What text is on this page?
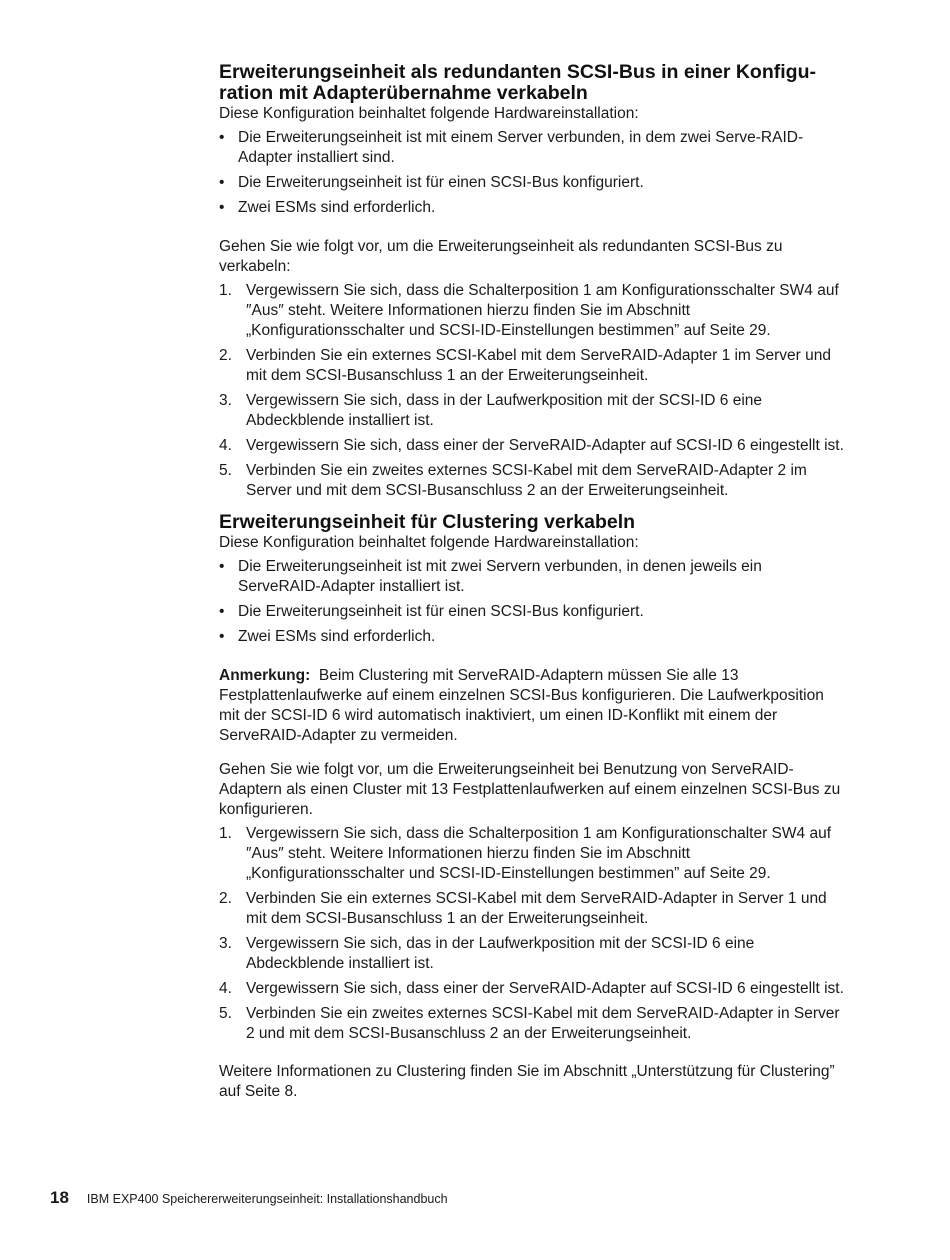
Erweiterungseinheit als redundanten SCSI-Bus in einer Konfigu-
ration mit Adapterübernahme verkabeln

Diese Konfiguration beinhaltet folgende Hardwareinstallation:

• Die Erweiterungseinheit ist mit einem Server verbunden, in dem zwei Serve-RAID-Adapter installiert sind.
• Die Erweiterungseinheit ist für einen SCSI-Bus konfiguriert.
• Zwei ESMs sind erforderlich.

Gehen Sie wie folgt vor, um die Erweiterungseinheit als redundanten SCSI-Bus zu verkabeln:

1. Vergewissern Sie sich, dass die Schalterposition 1 am Konfigurationsschalter SW4 auf ″Aus″ steht. Weitere Informationen hierzu finden Sie im Abschnitt „Konfigurationsschalter und SCSI-ID-Einstellungen bestimmen” auf Seite 29.
2. Verbinden Sie ein externes SCSI-Kabel mit dem ServeRAID-Adapter 1 im Server und mit dem SCSI-Busanschluss 1 an der Erweiterungseinheit.
3. Vergewissern Sie sich, dass in der Laufwerkposition mit der SCSI-ID 6 eine Abdeckblende installiert ist.
4. Vergewissern Sie sich, dass einer der ServeRAID-Adapter auf SCSI-ID 6 eingestellt ist.
5. Verbinden Sie ein zweites externes SCSI-Kabel mit dem ServeRAID-Adapter 2 im Server und mit dem SCSI-Busanschluss 2 an der Erweiterungseinheit.
Erweiterungseinheit für Clustering verkabeln

Diese Konfiguration beinhaltet folgende Hardwareinstallation:

• Die Erweiterungseinheit ist mit zwei Servern verbunden, in denen jeweils ein ServeRAID-Adapter installiert ist.
• Die Erweiterungseinheit ist für einen SCSI-Bus konfiguriert.
• Zwei ESMs sind erforderlich.

Anmerkung: Beim Clustering mit ServeRAID-Adaptern müssen Sie alle 13 Festplattenlaufwerke auf einem einzelnen SCSI-Bus konfigurieren. Die Laufwerkposition mit der SCSI-ID 6 wird automatisch inaktiviert, um einen ID-Konflikt mit einem der ServeRAID-Adapter zu vermeiden.

Gehen Sie wie folgt vor, um die Erweiterungseinheit bei Benutzung von ServeRAID-Adaptern als einen Cluster mit 13 Festplattenlaufwerken auf einem einzelnen SCSI-Bus zu konfigurieren.

1. Vergewissern Sie sich, dass die Schalterposition 1 am Konfigurationschalter SW4 auf ″Aus″ steht. Weitere Informationen hierzu finden Sie im Abschnitt „Konfigurationsschalter und SCSI-ID-Einstellungen bestimmen” auf Seite 29.
2. Verbinden Sie ein externes SCSI-Kabel mit dem ServeRAID-Adapter in Server 1 und mit dem SCSI-Busanschluss 1 an der Erweiterungseinheit.
3. Vergewissern Sie sich, das in der Laufwerkposition mit der SCSI-ID 6 eine Abdeckblende installiert ist.
4. Vergewissern Sie sich, dass einer der ServeRAID-Adapter auf SCSI-ID 6 eingestellt ist.
5. Verbinden Sie ein zweites externes SCSI-Kabel mit dem ServeRAID-Adapter in Server 2 und mit dem SCSI-Busanschluss 2 an der Erweiterungseinheit.

Weitere Informationen zu Clustering finden Sie im Abschnitt „Unterstützung für Clustering” auf Seite 8.

18 IBM EXP400 Speichererweiterungseinheit: Installationshandbuch
